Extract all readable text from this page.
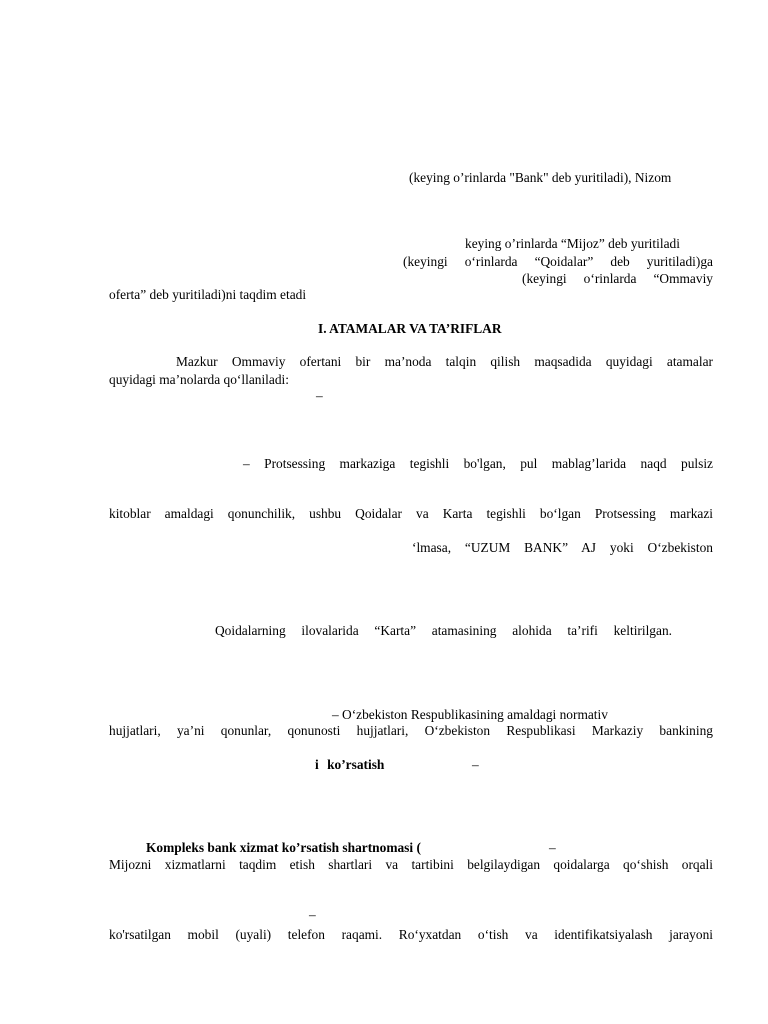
(keying o’rinlarda "Bank" deb yuritiladi), Nizom
keying o’rinlarda “Mijoz” deb yuritiladi
(keyingi o‘rinlarda “Qoidalar” deb yuritiladi)ga
(keyingi o‘rinlarda “Ommaviy
oferta” deb yuritiladi)ni taqdim etadi
I. ATAMALAR VA TA’RIFLAR
Mazkur Ommaviy ofertani bir ma’noda talqin qilish maqsadida quyidagi atamalar
quyidagi ma’nolarda qo‘llaniladi:
–
– Protsessing markaziga tegishli bo'lgan, pul mablag’larida naqd pulsiz
kitoblar amaldagi qonunchilik, ushbu Qoidalar va Karta tegishli bo‘lgan Protsessing markazi
‘lmasa, “UZUM BANK” AJ yoki O‘zbekiston
Qoidalarning ilovalarida “Karta” atamasining alohida ta’rifi keltirilgan.
– O‘zbekiston Respublikasining amaldagi normativ
hujjatlari, ya’ni qonunlar, qonunosti hujjatlari, O‘zbekiston Respublikasi Markaziy bankining
i ko’rsatish	–
Kompleks bank xizmat ko’rsatish shartnomasi (	–
Mijozni xizmatlarni taqdim etish shartlari va tartibini belgilaydigan qoidalarga qo‘shish orqali
–
ko'rsatilgan mobil (uyali) telefon raqami. Ro‘yxatdan o‘tish va identifikatsiyalash jarayoni
